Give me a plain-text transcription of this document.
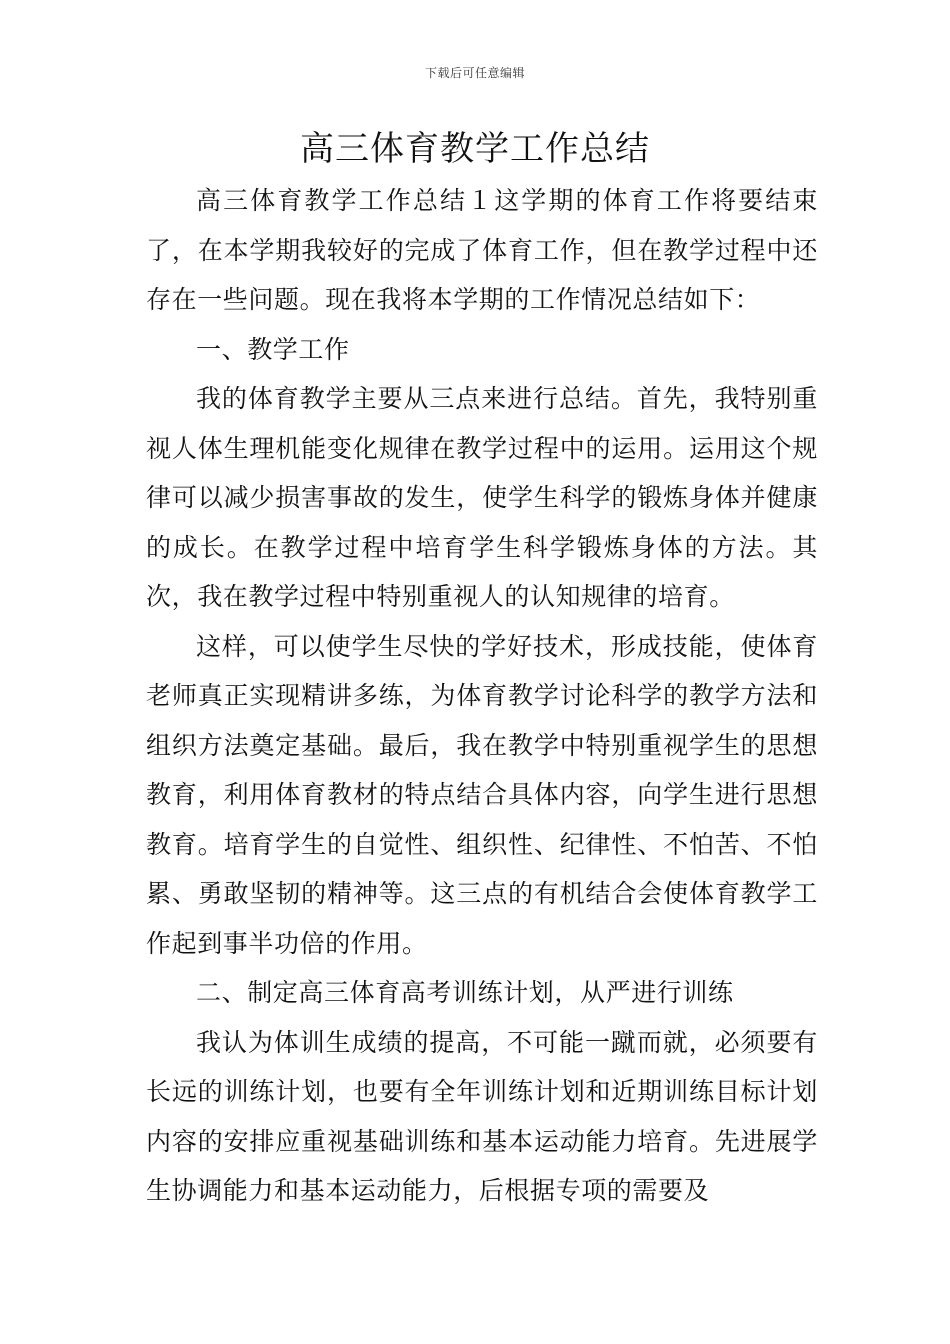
下载后可任意编辑
高三体育教学工作总结

高三体育教学工作总结１这学期的体育工作将要结束了，在本学期我较好的完成了体育工作，但在教学过程中还存在一些问题。现在我将本学期的工作情况总结如下：

一、教学工作

我的体育教学主要从三点来进行总结。首先，我特别重视人体生理机能变化规律在教学过程中的运用。运用这个规律可以减少损害事故的发生，使学生科学的锻炼身体并健康的成长。在教学过程中培育学生科学锻炼身体的方法。其次，我在教学过程中特别重视人的认知规律的培育。

这样，可以使学生尽快的学好技术，形成技能，使体育老师真正实现精讲多练，为体育教学讨论科学的教学方法和组织方法奠定基础。最后，我在教学中特别重视学生的思想教育，利用体育教材的特点结合具体内容，向学生进行思想教育。培育学生的自觉性、组织性、纪律性、不怕苦、不怕累、勇敢坚韧的精神等。这三点的有机结合会使体育教学工作起到事半功倍的作用。

二、制定高三体育高考训练计划，从严进行训练

我认为体训生成绩的提高，不可能一蹴而就，必须要有长远的训练计划，也要有全年训练计划和近期训练目标计划内容的安排应重视基础训练和基本运动能力培育。先进展学生协调能力和基本运动能力，后根据专项的需要及
